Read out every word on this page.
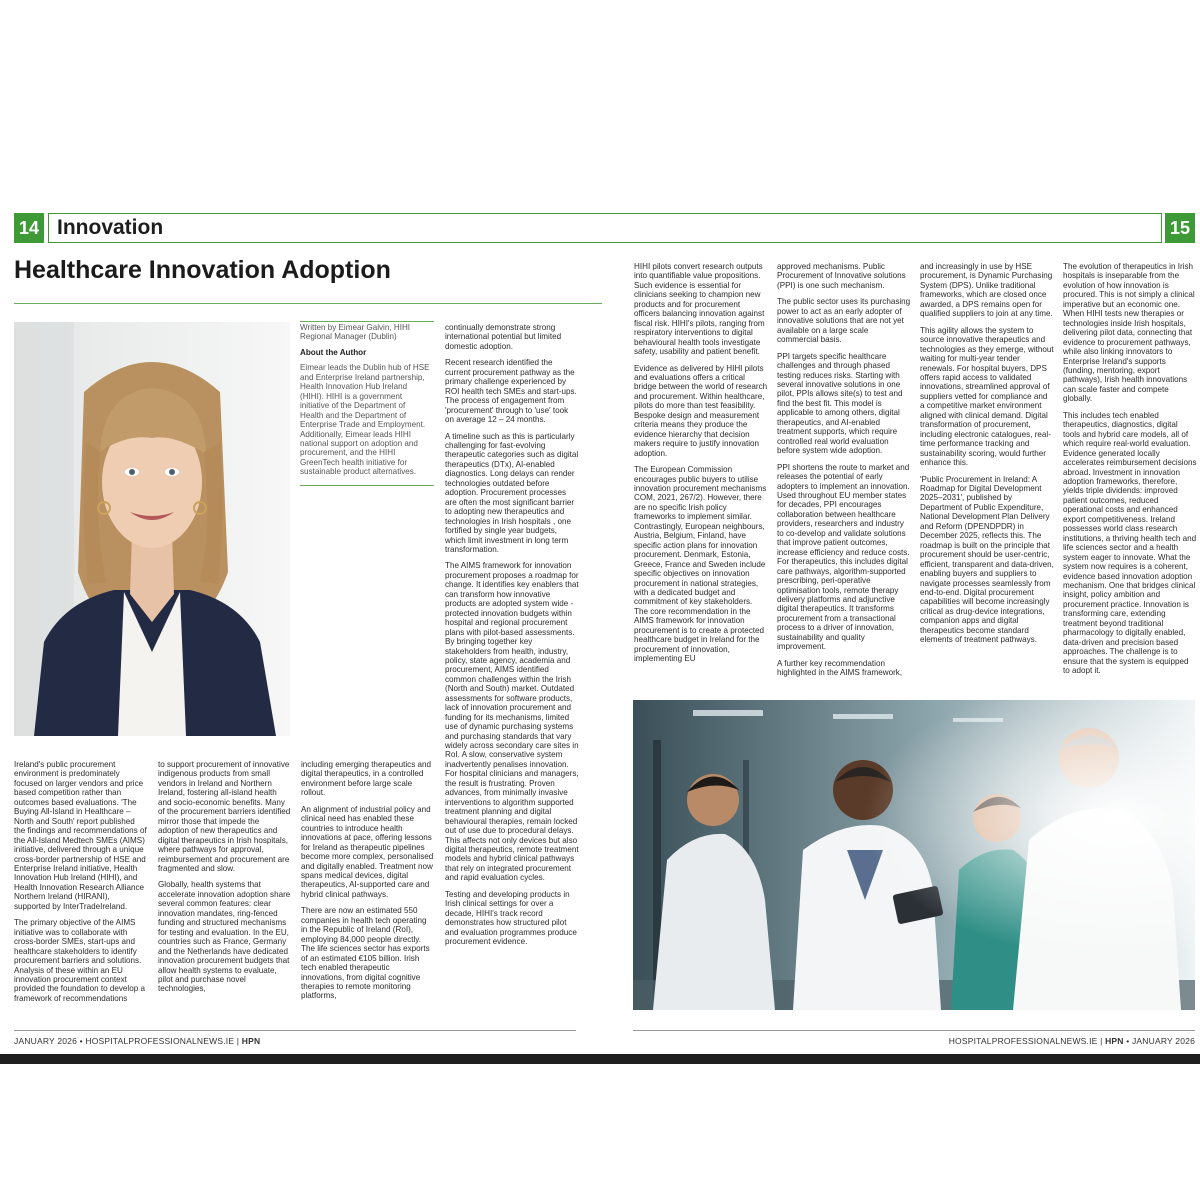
14 Innovation	15
Healthcare Innovation Adoption

Written by Eimear Galvin, HIHI Regional Manager (Dublin)

About the Author

Eimear leads the Dublin hub of HSE and Enterprise Ireland partnership, Health Innovation Hub Ireland (HIHI). HIHI is a government initiative of the Department of Health and the Department of Enterprise Trade and Employment. Additionally, Eimear leads HIHI national support on adoption and procurement, and the HIHI GreenTech health initiative for sustainable product alternatives.

Ireland's public procurement environment is predominately focused on larger vendors and price based competition rather than outcomes based evaluations. 'The Buying All-Island in Healthcare – North and South' report published the findings and recommendations of the All-Island Medtech SMEs (AIMS) initiative, delivered through a unique cross-border partnership of HSE and Enterprise Ireland initiative, Health Innovation Hub Ireland (HIHI), and Health Innovation Research Alliance Northern Ireland (HIRANI), supported by InterTradeIreland.

The primary objective of the AIMS initiative was to collaborate with cross-border SMEs, start-ups and healthcare stakeholders to identify procurement barriers and solutions. Analysis of these within an EU innovation procurement context provided the foundation to develop a framework of recommendations

to support procurement of innovative indigenous products from small vendors in Ireland and Northern Ireland, fostering all-island health and socio-economic benefits. Many of the procurement barriers identified mirror those that impede the adoption of new therapeutics and digital therapeutics in Irish hospitals, where pathways for approval, reimbursement and procurement are fragmented and slow.

Globally, health systems that accelerate innovation adoption share several common features: clear innovation mandates, ring-fenced funding and structured mechanisms for testing and evaluation. In the EU, countries such as France, Germany and the Netherlands have dedicated innovation procurement budgets that allow health systems to evaluate, pilot and purchase novel technologies,

including emerging therapeutics and digital therapeutics, in a controlled environment before large scale rollout.

An alignment of industrial policy and clinical need has enabled these countries to introduce health innovations at pace, offering lessons for Ireland as therapeutic pipelines become more complex, personalised and digitally enabled. Treatment now spans medical devices, digital therapeutics, AI-supported care and hybrid clinical pathways.

There are now an estimated 550 companies in health tech operating in the Republic of Ireland (RoI), employing 84,000 people directly. The life sciences sector has exports of an estimated €105 billion. Irish tech enabled therapeutic innovations, from digital cognitive therapies to remote monitoring platforms,

continually demonstrate strong international potential but limited domestic adoption.

Recent research identified the current procurement pathway as the primary challenge experienced by ROI health tech SMEs and start-ups. The process of engagement from 'procurement' through to 'use' took on average 12 – 24 months.

A timeline such as this is particularly challenging for fast-evolving therapeutic categories such as digital therapeutics (DTx), AI-enabled diagnostics. Long delays can render technologies outdated before adoption. Procurement processes are often the most significant barrier to adopting new therapeutics and technologies in Irish hospitals , one fortified by single year budgets, which limit investment in long term transformation.

The AIMS framework for innovation procurement proposes a roadmap for change. It identifies key enablers that can transform how innovative products are adopted system wide - protected innovation budgets within hospital and regional procurement plans with pilot-based assessments. By bringing together key stakeholders from health, industry, policy, state agency, academia and procurement, AIMS identified common challenges within the Irish (North and South) market. Outdated assessments for software products, lack of innovation procurement and funding for its mechanisms, limited use of dynamic purchasing systems and purchasing standards that vary widely across secondary care sites in RoI. A slow, conservative system inadvertently penalises innovation. For hospital clinicians and managers, the result is frustrating. Proven advances, from minimally invasive interventions to algorithm supported treatment planning and digital behavioural therapies, remain locked out of use due to procedural delays. This affects not only devices but also digital therapeutics, remote treatment models and hybrid clinical pathways that rely on integrated procurement and rapid evaluation cycles.

Testing and developing products in Irish clinical settings for over a decade, HIHI's track record demonstrates how structured pilot and evaluation programmes produce procurement evidence.

HIHI pilots convert research outputs into quantifiable value propositions. Such evidence is essential for clinicians seeking to champion new products and for procurement officers balancing innovation against fiscal risk. HIHI's pilots, ranging from respiratory interventions to digital behavioural health tools investigate safety, usability and patient benefit.

Evidence as delivered by HIHI pilots and evaluations offers a critical bridge between the world of research and procurement. Within healthcare, pilots do more than test feasibility. Bespoke design and measurement criteria means they produce the evidence hierarchy that decision makers require to justify innovation adoption.

The European Commission encourages public buyers to utilise innovation procurement mechanisms COM, 2021, 267/2). However, there are no specific Irish policy frameworks to implement similar. Contrastingly, European neighbours, Austria, Belgium, Finland, have specific action plans for innovation procurement. Denmark, Estonia, Greece, France and Sweden include specific objectives on innovation procurement in national strategies, with a dedicated budget and commitment of key stakeholders. The core recommendation in the AIMS framework for innovation procurement is to create a protected healthcare budget in Ireland for the procurement of innovation, implementing EU

approved mechanisms. Public Procurement of Innovative solutions (PPI) is one such mechanism.

The public sector uses its purchasing power to act as an early adopter of innovative solutions that are not yet available on a large scale commercial basis.

PPI targets specific healthcare challenges and through phased testing reduces risks. Starting with several innovative solutions in one pilot, PPIs allows site(s) to test and find the best fit. This model is applicable to among others, digital therapeutics, and AI-enabled treatment supports, which require controlled real world evaluation before system wide adoption.

PPI shortens the route to market and releases the potential of early adopters to implement an innovation. Used throughout EU member states for decades, PPI encourages collaboration between healthcare providers, researchers and industry to co-develop and validate solutions that improve patient outcomes, increase efficiency and reduce costs. For therapeutics, this includes digital care pathways, algorithm-supported prescribing, peri-operative optimisation tools, remote therapy delivery platforms and adjunctive digital therapeutics. It transforms procurement from a transactional process to a driver of innovation, sustainability and quality improvement.

A further key recommendation highlighted in the AIMS framework,

and increasingly in use by HSE procurement, is Dynamic Purchasing System (DPS). Unlike traditional frameworks, which are closed once awarded, a DPS remains open for qualified suppliers to join at any time.

This agility allows the system to source innovative therapeutics and technologies as they emerge, without waiting for multi-year tender renewals. For hospital buyers, DPS offers rapid access to validated innovations, streamlined approval of suppliers vetted for compliance and a competitive market environment aligned with clinical demand. Digital transformation of procurement, including electronic catalogues, real-time performance tracking and sustainability scoring, would further enhance this.

'Public Procurement in Ireland: A Roadmap for Digital Development 2025–2031', published by Department of Public Expenditure, National Development Plan Delivery and Reform (DPENDPDR) in December 2025, reflects this. The roadmap is built on the principle that procurement should be user-centric, efficient, transparent and data-driven, enabling buyers and suppliers to navigate processes seamlessly from end-to-end. Digital procurement capabilities will become increasingly critical as drug-device integrations, companion apps and digital therapeutics become standard elements of treatment pathways.

The evolution of therapeutics in Irish hospitals is inseparable from the evolution of how innovation is procured. This is not simply a clinical imperative but an economic one. When HIHI tests new therapies or technologies inside Irish hospitals, delivering pilot data, connecting that evidence to procurement pathways, while also linking innovators to Enterprise Ireland's supports (funding, mentoring, export pathways), Irish health innovations can scale faster and compete globally.

This includes tech enabled therapeutics, diagnostics, digital tools and hybrid care models, all of which require real-world evaluation. Evidence generated locally accelerates reimbursement decisions abroad. Investment in innovation adoption frameworks, therefore, yields triple dividends: improved patient outcomes, reduced operational costs and enhanced export competitiveness. Ireland possesses world class research institutions, a thriving health tech and life sciences sector and a health system eager to innovate. What the system now requires is a coherent, evidence based innovation adoption mechanism. One that bridges clinical insight, policy ambition and procurement practice. Innovation is transforming care, extending treatment beyond traditional pharmacology to digitally enabled, data-driven and precision based approaches. The challenge is to ensure that the system is equipped to adopt it.

JANUARY 2026 • HOSPITALPROFESSIONALNEWS.IE | HPN	HOSPITALPROFESSIONALNEWS.IE | HPN • JANUARY 2026
